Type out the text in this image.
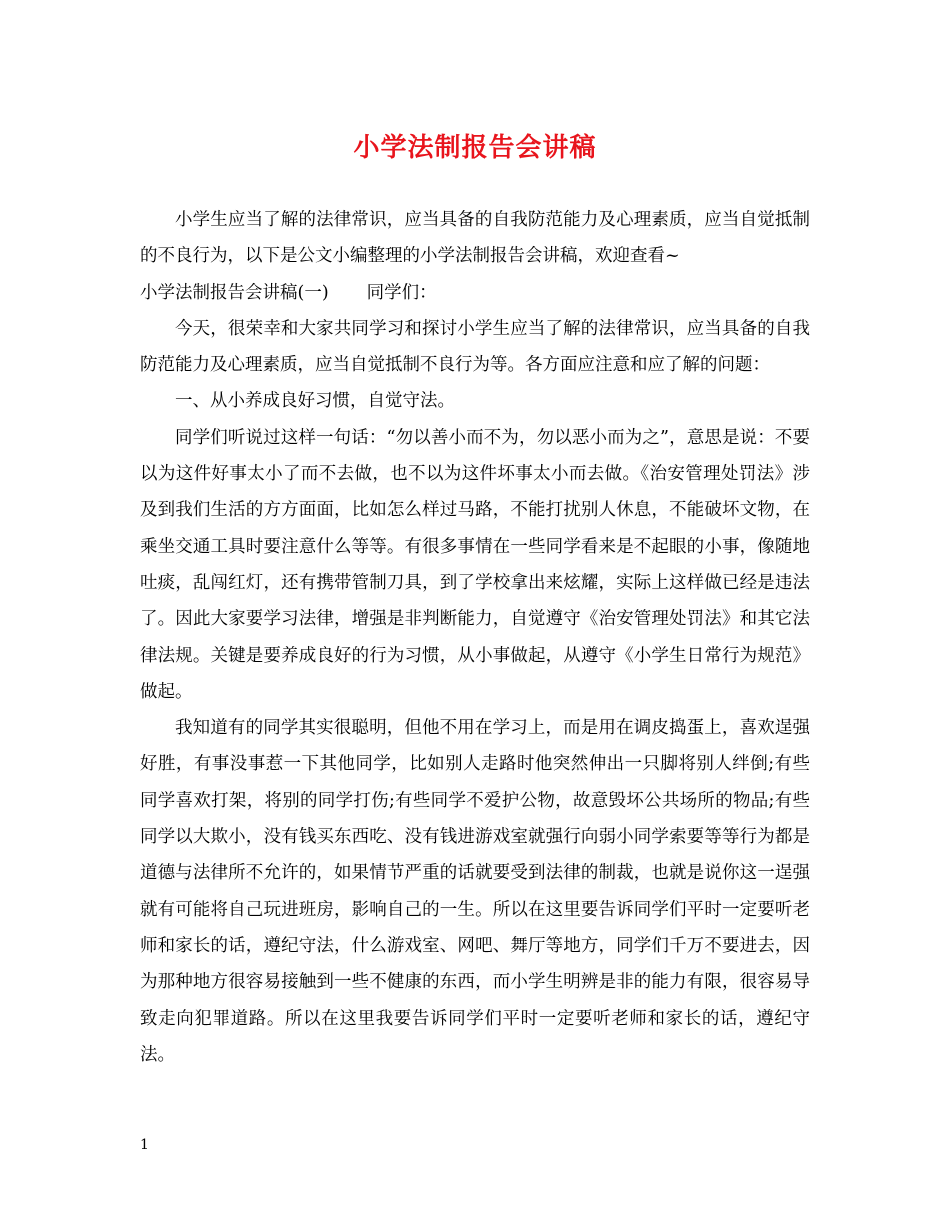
小学法制报告会讲稿

小学生应当了解的法律常识，应当具备的自我防范能力及心理素质，应当自觉抵制的不良行为，以下是公文小编整理的小学法制报告会讲稿，欢迎查看~

小学法制报告会讲稿(一) 同学们：

今天，很荣幸和大家共同学习和探讨小学生应当了解的法律常识，应当具备的自我防范能力及心理素质，应当自觉抵制不良行为等。各方面应注意和应了解的问题：

一、从小养成良好习惯，自觉守法。

同学们听说过这样一句话：“勿以善小而不为，勿以恶小而为之”，意思是说：不要以为这件好事太小了而不去做，也不以为这件坏事太小而去做。《治安管理处罚法》涉及到我们生活的方方面面，比如怎么样过马路，不能打扰别人休息，不能破坏文物，在乘坐交通工具时要注意什么等等。有很多事情在一些同学看来是不起眼的小事，像随地吐痰，乱闯红灯，还有携带管制刀具，到了学校拿出来炫耀，实际上这样做已经是违法了。因此大家要学习法律，增强是非判断能力，自觉遵守《治安管理处罚法》和其它法律法规。关键是要养成良好的行为习惯，从小事做起，从遵守《小学生日常行为规范》做起。

我知道有的同学其实很聪明，但他不用在学习上，而是用在调皮捣蛋上，喜欢逞强好胜，有事没事惹一下其他同学，比如别人走路时他突然伸出一只脚将别人绊倒;有些同学喜欢打架，将别的同学打伤;有些同学不爱护公物，故意毁坏公共场所的物品;有些同学以大欺小，没有钱买东西吃、没有钱进游戏室就强行向弱小同学索要等等行为都是道德与法律所不允许的，如果情节严重的话就要受到法律的制裁，也就是说你这一逞强就有可能将自己玩进班房，影响自己的一生。所以在这里要告诉同学们平时一定要听老师和家长的话，遵纪守法，什么游戏室、网吧、舞厅等地方，同学们千万不要进去，因为那种地方很容易接触到一些不健康的东西，而小学生明辨是非的能力有限，很容易导致走向犯罪道路。所以在这里我要告诉同学们平时一定要听老师和家长的话，遵纪守法。

1
